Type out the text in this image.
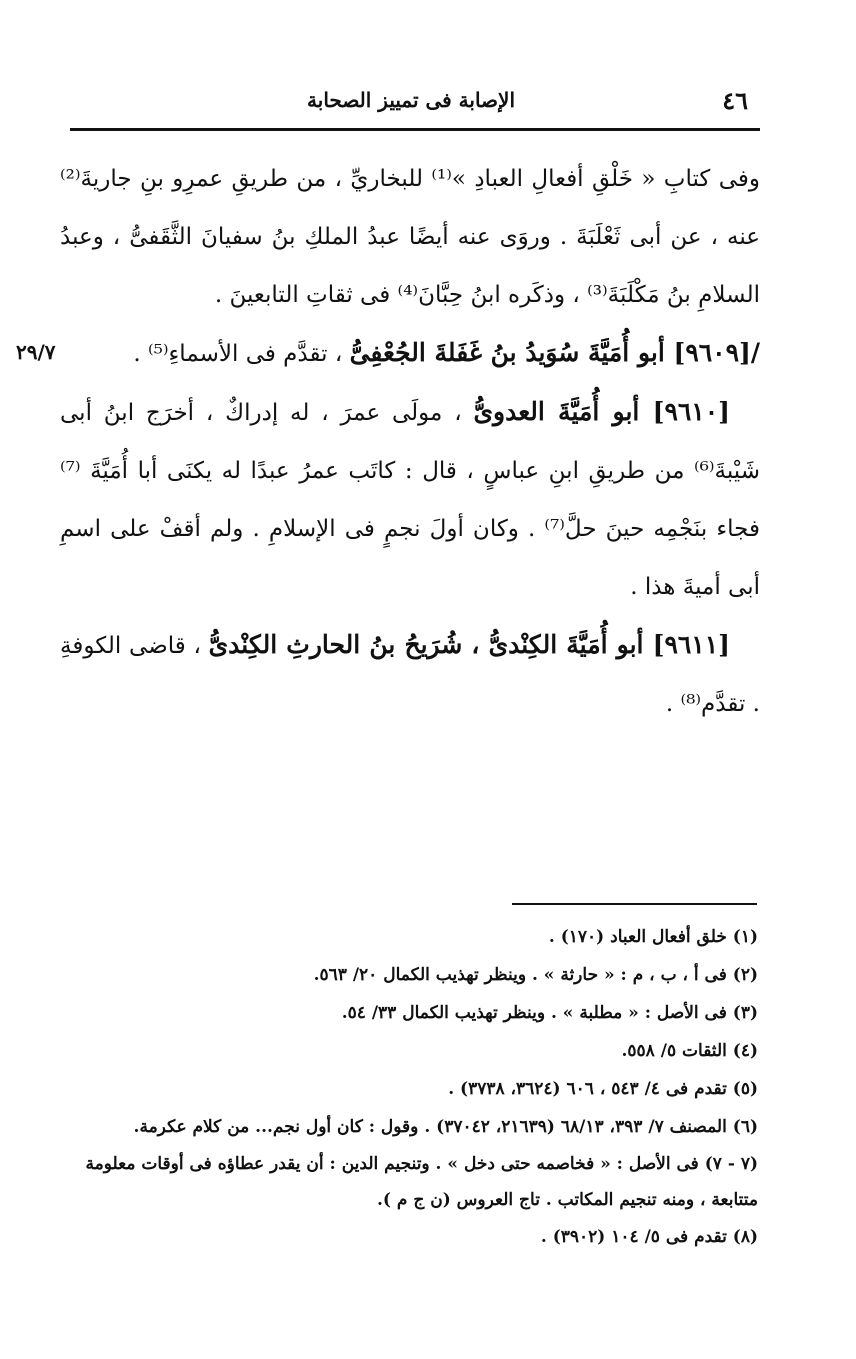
٤٦
الإصابة فى تمييز الصحابة
٢٩/٧

وفى كتابِ « خَلْقِ أفعالِ العبادِ »⁽¹⁾ للبخاريِّ ، من طريقِ عمرِو بنِ جاريةَ⁽²⁾ عنه ، عن أبى ثَعْلَبَةَ . وروَى عنه أيضًا عبدُ الملكِ بنُ سفيانَ الثَّقَفىُّ ، وعبدُ السلامِ بنُ مَكْلَبَةَ⁽³⁾ ، وذكَره ابنُ حِبَّانَ⁽⁴⁾ فى ثقاتِ التابعينَ .

/[٩٦٠٩] أبو أُمَيَّةَ سُوَيدُ بنُ غَفَلةَ الجُعْفِىُّ ، تقدَّم فى الأسماءِ⁽⁵⁾ .

[٩٦١٠] أبو أُمَيَّةَ العدوىُّ ، مولَى عمرَ ، له إدراكٌ ، أخرَج ابنُ أبى شَيْبةَ⁽⁶⁾ من طريقِ ابنِ عباسٍ ، قال : كاتَب عمرُ عبدًا له يكنَى أبا أُمَيَّةَ ⁽⁷⁾فجاء بنَجْمِه حينَ حلَّ⁽⁷⁾ . وكان أولَ نجمٍ فى الإسلامِ . ولم أقفْ على اسمِ أبى أميةَ هذا .

[٩٦١١] أبو أُمَيَّةَ الكِنْدىُّ ، شُرَيحُ بنُ الحارثِ الكِنْدىُّ ، قاضى الكوفةِ . تقدَّم⁽⁸⁾ .

(١) خلق أفعال العباد (١٧٠) .

(٢) فى أ ، ب ، م : « حارثة » . وينظر تهذيب الكمال ٢٠/ ٥٦٣.

(٣) فى الأصل : « مطلبة » . وينظر تهذيب الكمال ٣٣/ ٥٤.

(٤) الثقات ٥/ ٥٥٨.

(٥) تقدم فى ٤/ ٥٤٣ ، ٦٠٦ (٣٦٢٤، ٣٧٣٨) .

(٦) المصنف ٧/ ٣٩٣، ٦٨/١٣ (٢١٦٣٩، ٣٧٠٤٢) . وقول : كان أول نجم... من كلام عكرمة.

(٧ - ٧) فى الأصل : « فخاصمه حتى دخل » . وتنجيم الدين : أن يقدر عطاؤه فى أوقات معلومة متتابعة ، ومنه تنجيم المكاتب . تاج العروس (ن ج م ).

(٨) تقدم فى ٥/ ١٠٤ (٣٩٠٢) .
